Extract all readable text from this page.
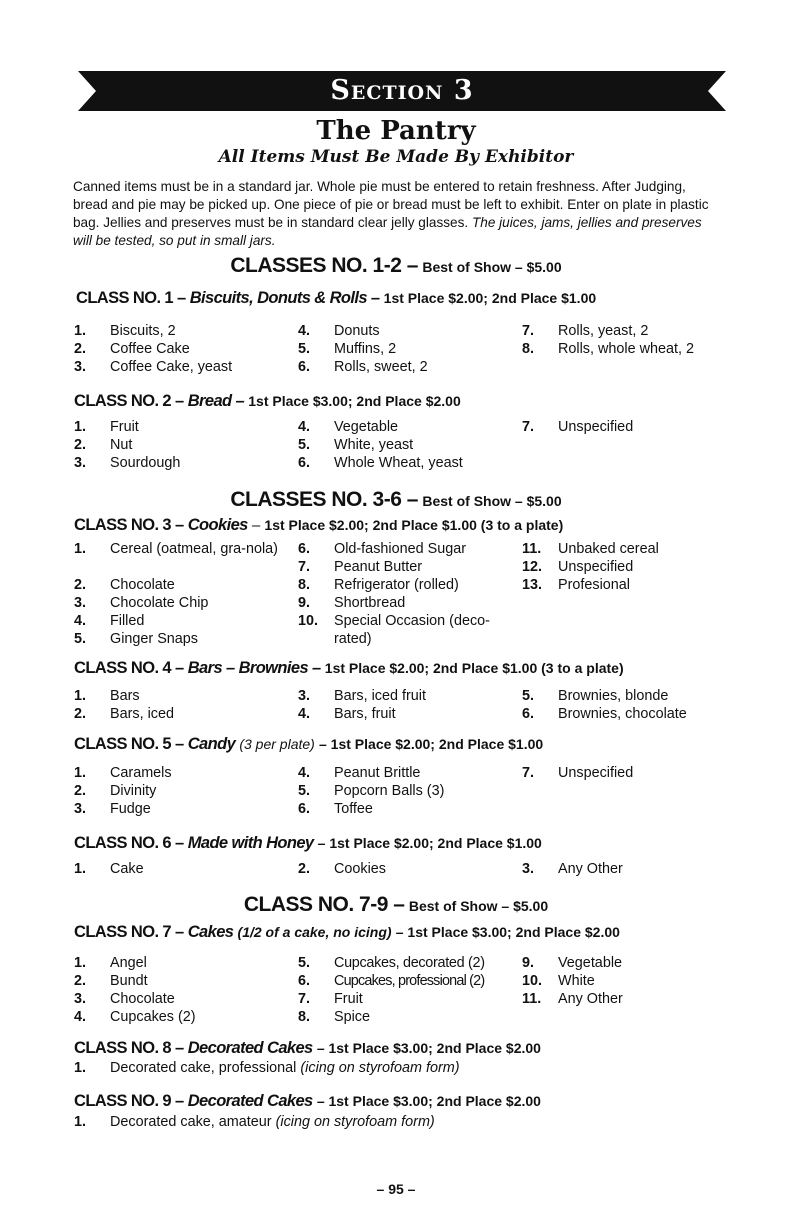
Section 3
The Pantry
All Items Must Be Made By Exhibitor
Canned items must be in a standard jar. Whole pie must be entered to retain freshness. After Judging, bread and pie may be picked up. One piece of pie or bread must be left to exhibit. Enter on plate in plastic bag. Jellies and preserves must be in standard clear jelly glasses. The juices, jams, jellies and preserves will be tested, so put in small jars.
CLASSES NO. 1-2 – Best of Show – $5.00
CLASS NO. 1 – Biscuits, Donuts & Rolls – 1st Place $2.00; 2nd Place $1.00
1. Biscuits, 2
2. Coffee Cake
3. Coffee Cake, yeast
4. Donuts
5. Muffins, 2
6. Rolls, sweet, 2
7. Rolls, yeast, 2
8. Rolls, whole wheat, 2
CLASS NO. 2 – Bread – 1st Place $3.00; 2nd Place $2.00
1. Fruit
2. Nut
3. Sourdough
4. Vegetable
5. White, yeast
6. Whole Wheat, yeast
7. Unspecified
CLASSES NO. 3-6 – Best of Show – $5.00
CLASS NO. 3 – Cookies – 1st Place $2.00; 2nd Place $1.00 (3 to a plate)
1. Cereal (oatmeal, gra-nola)
2. Chocolate
3. Chocolate Chip
4. Filled
5. Ginger Snaps
6. Old-fashioned Sugar
7. Peanut Butter
8. Refrigerator (rolled)
9. Shortbread
10. Special Occasion (deco-rated)
11. Unbaked cereal
12. Unspecified
13. Profesional
CLASS NO. 4 – Bars – Brownies – 1st Place $2.00; 2nd Place $1.00 (3 to a plate)
1. Bars
2. Bars, iced
3. Bars, iced fruit
4. Bars, fruit
5. Brownies, blonde
6. Brownies, chocolate
CLASS NO. 5 – Candy (3 per plate) – 1st Place $2.00; 2nd Place $1.00
1. Caramels
2. Divinity
3. Fudge
4. Peanut Brittle
5. Popcorn Balls (3)
6. Toffee
7. Unspecified
CLASS NO. 6 – Made with Honey – 1st Place $2.00; 2nd Place $1.00
1. Cake	2. Cookies	3. Any Other
CLASS NO. 7-9 – Best of Show – $5.00
CLASS NO. 7 – Cakes (1/2 of a cake, no icing) – 1st Place $3.00; 2nd Place $2.00
1. Angel
2. Bundt
3. Chocolate
4. Cupcakes (2)
5. Cupcakes, decorated (2)
6. Cupcakes, professional (2)
7. Fruit
8. Spice
9. Vegetable
10. White
11. Any Other
CLASS NO. 8 – Decorated Cakes – 1st Place $3.00; 2nd Place $2.00
1. Decorated cake, professional (icing on styrofoam form)
CLASS NO. 9 – Decorated Cakes – 1st Place $3.00; 2nd Place $2.00
1. Decorated cake, amateur (icing on styrofoam form)
– 95 –
